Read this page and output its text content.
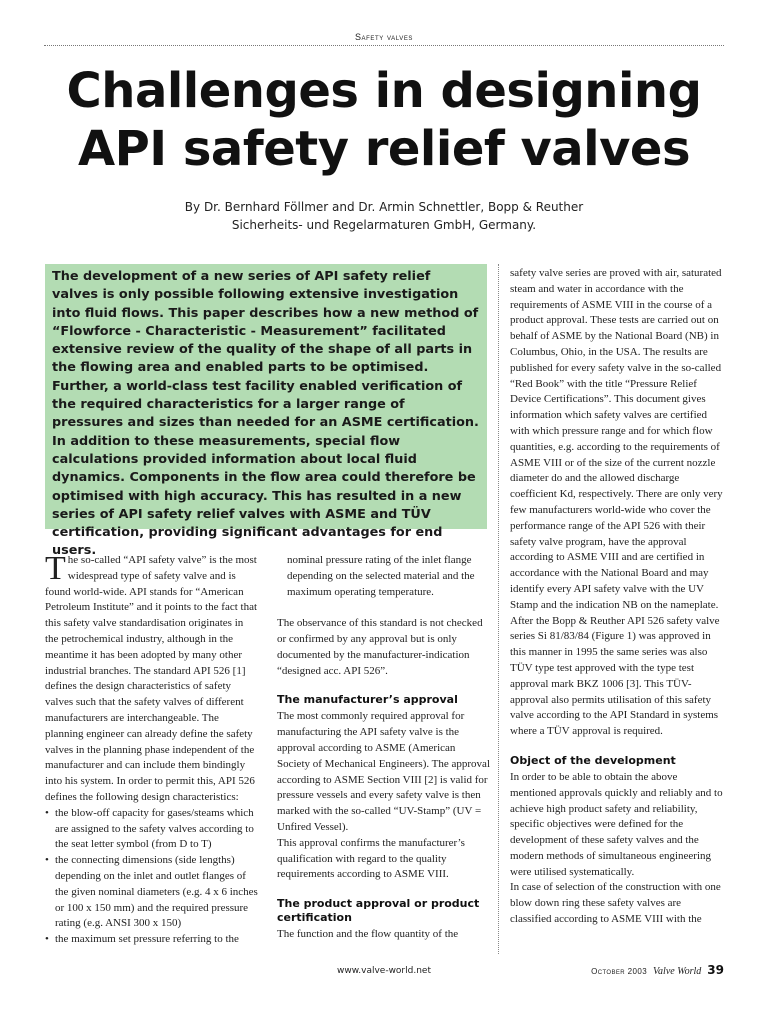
Safety valves
Challenges in designing API safety relief valves
By Dr. Bernhard Föllmer and Dr. Armin Schnettler, Bopp & Reuther
Sicherheits- und Regelarmaturen GmbH, Germany.

The development of a new series of API safety relief valves is only possible following extensive investigation into fluid flows. This paper describes how a new method of “Flowforce - Characteristic - Measurement” facilitated extensive review of the quality of the shape of all parts in the flowing area and enabled parts to be optimised. Further, a world-class test facility enabled verification of the required characteristics for a larger range of pressures and sizes than needed for an ASME certification. In addition to these measurements, special flow calculations provided information about local fluid dynamics. Components in the flow area could therefore be optimised with high accuracy. This has resulted in a new series of API safety relief valves with ASME and TÜV certification, providing significant advantages for end users.

The so-called “API safety valve” is the most widespread type of safety valve and is found world-wide. API stands for “American Petroleum Institute” and it points to the fact that this safety valve standardisation originates in the petrochemical industry, although in the meantime it has been adopted by many other industrial branches. The standard API 526 [1] defines the design characteristics of safety valves such that the safety valves of different manufacturers are interchangeable. The planning engineer can already define the safety valves in the planning phase independent of the manufacturer and can include them bindingly into his system. In order to permit this, API 526 defines the following design characteristics:

• the blow-off capacity for gases/steams which are assigned to the safety valves according to the seat letter symbol (from D to T)
• the connecting dimensions (side lengths) depending on the inlet and outlet flanges of the given nominal diameters (e.g. 4 x 6 inches or 100 x 150 mm) and the required pressure rating (e.g. ANSI 300 x 150)
• the maximum set pressure referring to the

nominal pressure rating of the inlet flange depending on the selected material and the maximum operating temperature.

The observance of this standard is not checked or confirmed by any approval but is only documented by the manufacturer-indication “designed acc. API 526”.

The manufacturer’s approval

The most commonly required approval for manufacturing the API safety valve is the approval according to ASME (American Society of Mechanical Engineers). The approval according to ASME Section VIII [2] is valid for pressure vessels and every safety valve is then marked with the so-called “UV-Stamp” (UV = Unfired Vessel).

This approval confirms the manufacturer’s qualification with regard to the quality requirements according to ASME VIII.

The product approval or product certification

The function and the flow quantity of the

safety valve series are proved with air, saturated steam and water in accordance with the requirements of ASME VIII in the course of a product approval. These tests are carried out on behalf of ASME by the National Board (NB) in Columbus, Ohio, in the USA. The results are published for every safety valve in the so-called “Red Book” with the title “Pressure Relief Device Certifications”. This document gives information which safety valves are certified with which pressure range and for which flow quantities, e.g. according to the requirements of ASME VIII or of the size of the current nozzle diameter do and the allowed discharge coefficient Kd, respectively. There are only very few manufacturers world-wide who cover the performance range of the API 526 with their safety valve program, have the approval according to ASME VIII and are certified in accordance with the National Board and may identify every API safety valve with the UV Stamp and the indication NB on the nameplate. After the Bopp & Reuther API 526 safety valve series Si 81/83/84 (Figure 1) was approved in this manner in 1995 the same series was also TÜV type test approved with the type test approval mark BKZ 1006 [3]. This TÜV-approval also permits utilisation of this safety valve according to the API Standard in systems where a TÜV approval is required.

Object of the development

In order to be able to obtain the above mentioned approvals quickly and reliably and to achieve high product safety and reliability, specific objectives were defined for the development of these safety valves and the modern methods of simultaneous engineering were utilised systematically.

In case of selection of the construction with one blow down ring these safety valves are classified according to ASME VIII with the

www.valve-world.net	October 2003 Valve World 39
